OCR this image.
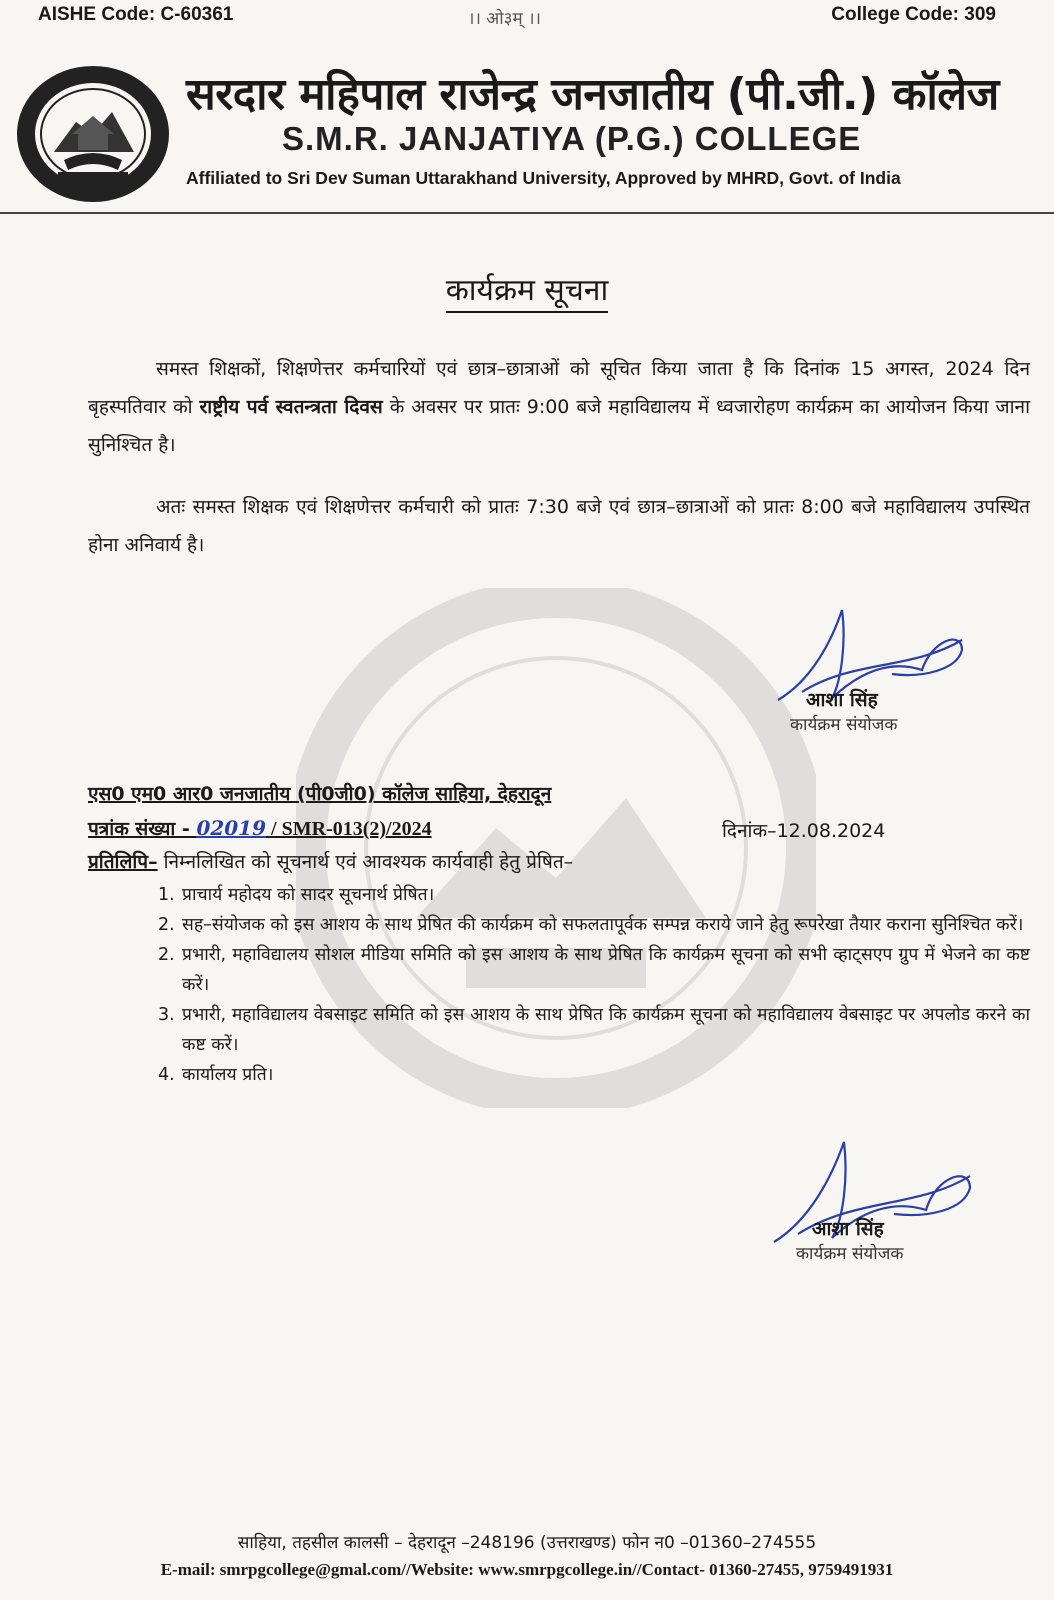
AISHE Code: C-60361	।। ओ३म् ।।	College Code: 309
सरदार महिपाल राजेन्द्र जनजातीय (पी.जी.) कॉलेज
S.M.R. JANJATIYA (P.G.) COLLEGE
Affiliated to Sri Dev Suman Uttarakhand University, Approved by MHRD, Govt. of India
कार्यक्रम सूचना
समस्त शिक्षकों, शिक्षणेत्तर कर्मचारियों एवं छात्र–छात्राओं को सूचित किया जाता है कि दिनांक 15 अगस्त, 2024 दिन बृहस्पतिवार को राष्ट्रीय पर्व स्वतन्त्रता दिवस के अवसर पर प्रातः 9:00 बजे महाविद्यालय में ध्वजारोहण कार्यक्रम का आयोजन किया जाना सुनिश्चित है।
अतः समस्त शिक्षक एवं शिक्षणेत्तर कर्मचारी को प्रातः 7:30 बजे एवं छात्र–छात्राओं को प्रातः 8:00 बजे महाविद्यालय उपस्थित होना अनिवार्य है।
आशा सिंह
कार्यक्रम संयोजक
एस0 एम0 आर0 जनजातीय (पी0जी0) कॉलेज साहिया, देहरादून
पत्रांक संख्या - 02019 / SMR-013(2)/2024	दिनांक–12.08.2024
प्रतिलिपि– निम्नलिखित को सूचनार्थ एवं आवश्यक कार्यवाही हेतु प्रेषित–
1. प्राचार्य महोदय को सादर सूचनार्थ प्रेषित।
2. सह–संयोजक को इस आशय के साथ प्रेषित की कार्यक्रम को सफलतापूर्वक सम्पन्न कराये जाने हेतु रूपरेखा तैयार कराना सुनिश्चित करें।
2. प्रभारी, महाविद्यालय सोशल मीडिया समिति को इस आशय के साथ प्रेषित कि कार्यक्रम सूचना को सभी व्हाट्सएप ग्रुप में भेजने का कष्ट करें।
3. प्रभारी, महाविद्यालय वेबसाइट समिति को इस आशय के साथ प्रेषित कि कार्यक्रम सूचना को महाविद्यालय वेबसाइट पर अपलोड करने का कष्ट करें।
4. कार्यालय प्रति।
आशा सिंह
कार्यक्रम संयोजक
साहिया, तहसील कालसी – देहरादून –248196 (उत्तराखण्ड) फोन न0 –01360–274555
E-mail: smrpgcollege@gmal.com//Website: www.smrpgcollege.in//Contact- 01360-27455, 9759491931
